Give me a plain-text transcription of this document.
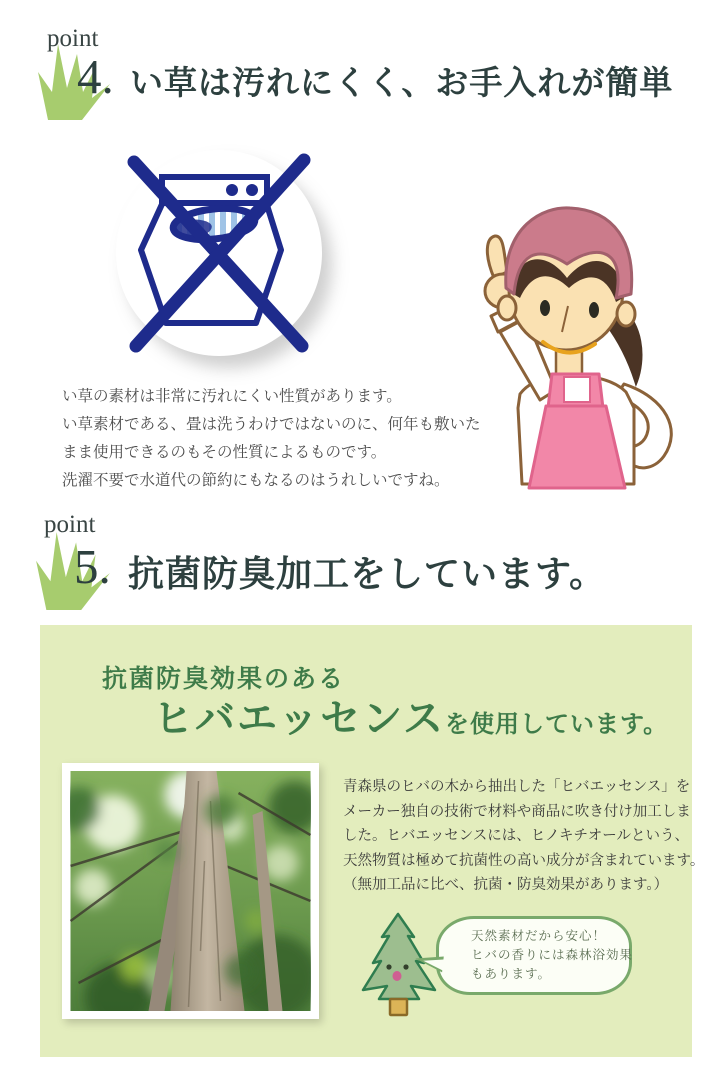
point
4. い草は汚れにくく、お手入れが簡単
い草の素材は非常に汚れにくい性質があります。
い草素材である、畳は洗うわけではないのに、何年も敷いた
まま使用できるのもその性質によるものです。
洗濯不要で水道代の節約にもなるのはうれしいですね。
point
5. 抗菌防臭加工をしています。
抗菌防臭効果のある
ヒバエッセンス を使用しています。
青森県のヒバの木から抽出した「ヒバエッセンス」を
メーカー独自の技術で材料や商品に吹き付け加工しま
した。ヒバエッセンスには、ヒノキチオールという、
天然物質は極めて抗菌性の高い成分が含まれています。
（無加工品に比べ、抗菌・防臭効果があります。）
天然素材だから安心！
ヒバの香りには森林浴効果
もあります。
